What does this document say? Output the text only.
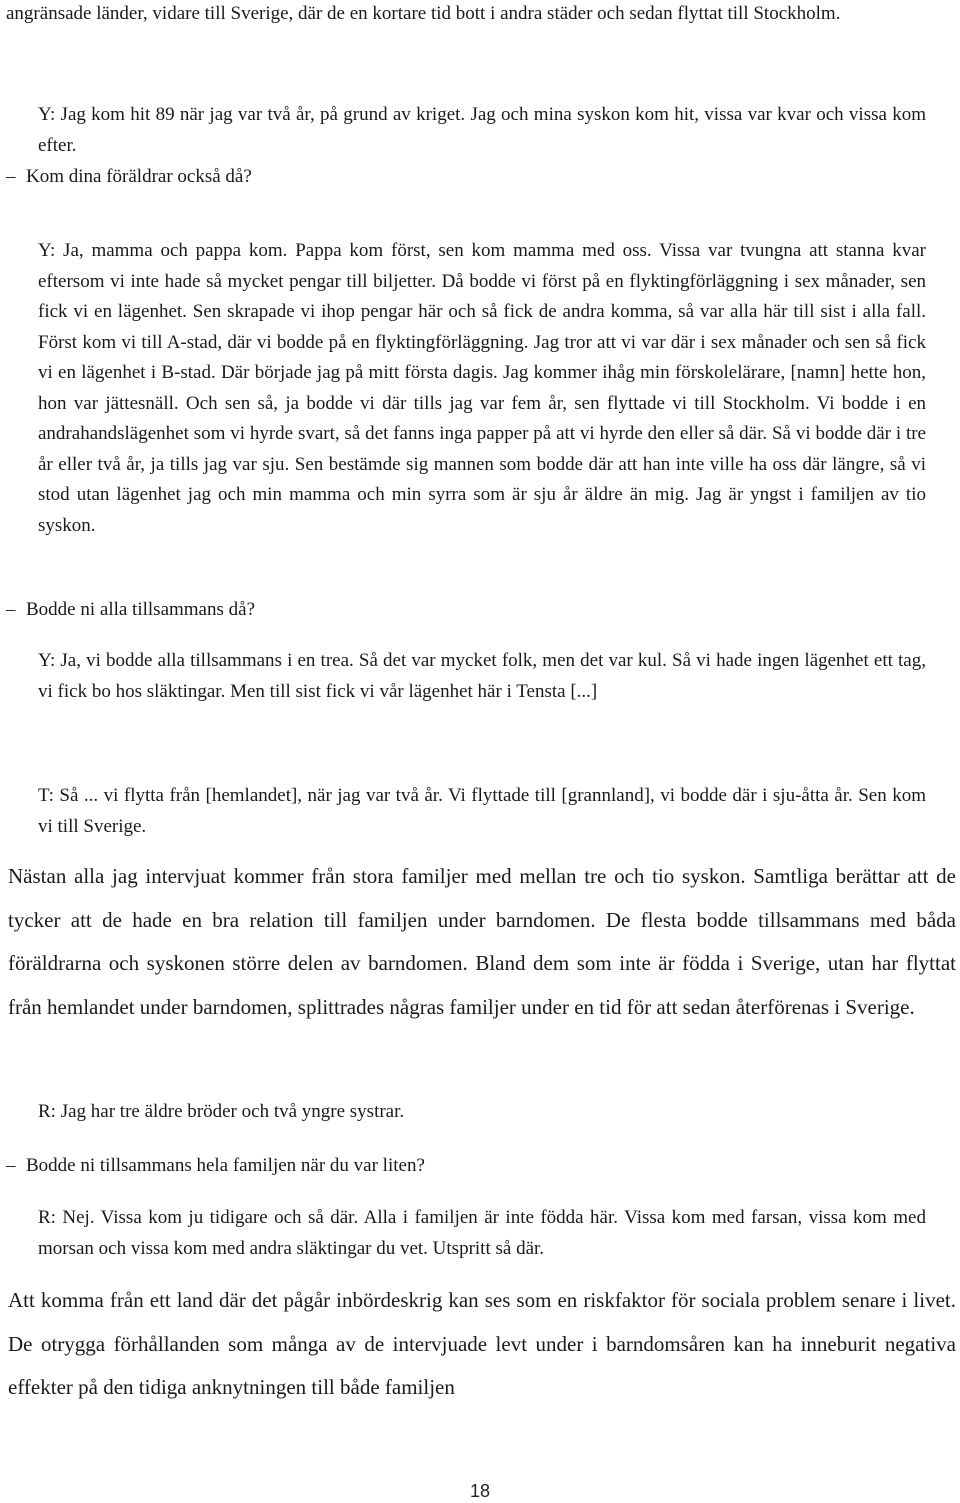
angränsade länder, vidare till Sverige, där de en kortare tid bott i andra städer och sedan flyttat till Stockholm.

Y: Jag kom hit 89 när jag var två år, på grund av kriget. Jag och mina syskon kom hit, vissa var kvar och vissa kom efter.

– Kom dina föräldrar också då?

Y: Ja, mamma och pappa kom. Pappa kom först, sen kom mamma med oss. Vissa var tvungna att stanna kvar eftersom vi inte hade så mycket pengar till biljetter. Då bodde vi först på en flyktingförläggning i sex månader, sen fick vi en lägenhet. Sen skrapade vi ihop pengar här och så fick de andra komma, så var alla här till sist i alla fall. Först kom vi till A-stad, där vi bodde på en flyktingförläggning. Jag tror att vi var där i sex månader och sen så fick vi en lägenhet i B-stad. Där började jag på mitt första dagis. Jag kommer ihåg min förskolelärare, [namn] hette hon, hon var jättesnäll. Och sen så, ja bodde vi där tills jag var fem år, sen flyttade vi till Stockholm. Vi bodde i en andrahandslägenhet som vi hyrde svart, så det fanns inga papper på att vi hyrde den eller så där. Så vi bodde där i tre år eller två år, ja tills jag var sju. Sen bestämde sig mannen som bodde där att han inte ville ha oss där längre, så vi stod utan lägenhet jag och min mamma och min syrra som är sju år äldre än mig. Jag är yngst i familjen av tio syskon.

– Bodde ni alla tillsammans då?

Y: Ja, vi bodde alla tillsammans i en trea. Så det var mycket folk, men det var kul. Så vi hade ingen lägenhet ett tag, vi fick bo hos släktingar. Men till sist fick vi vår lägenhet här i Tensta [...]

T: Så ... vi flytta från [hemlandet], när jag var två år. Vi flyttade till [grannland], vi bodde där i sju-åtta år. Sen kom vi till Sverige.

Nästan alla jag intervjuat kommer från stora familjer med mellan tre och tio syskon. Samtliga berättar att de tycker att de hade en bra relation till familjen under barndomen. De flesta bodde tillsammans med båda föräldrarna och syskonen större delen av barndomen. Bland dem som inte är födda i Sverige, utan har flyttat från hemlandet under barndomen, splittrades någras familjer under en tid för att sedan återförenas i Sverige.

R: Jag har tre äldre bröder och två yngre systrar.

– Bodde ni tillsammans hela familjen när du var liten?

R: Nej. Vissa kom ju tidigare och så där. Alla i familjen är inte födda här. Vissa kom med farsan, vissa kom med morsan och vissa kom med andra släktingar du vet. Utspritt så där.

Att komma från ett land där det pågår inbördeskrig kan ses som en riskfaktor för sociala problem senare i livet. De otrygga förhållanden som många av de intervjuade levt under i barndomsåren kan ha inneburit negativa effekter på den tidiga anknytningen till både familjen

18
